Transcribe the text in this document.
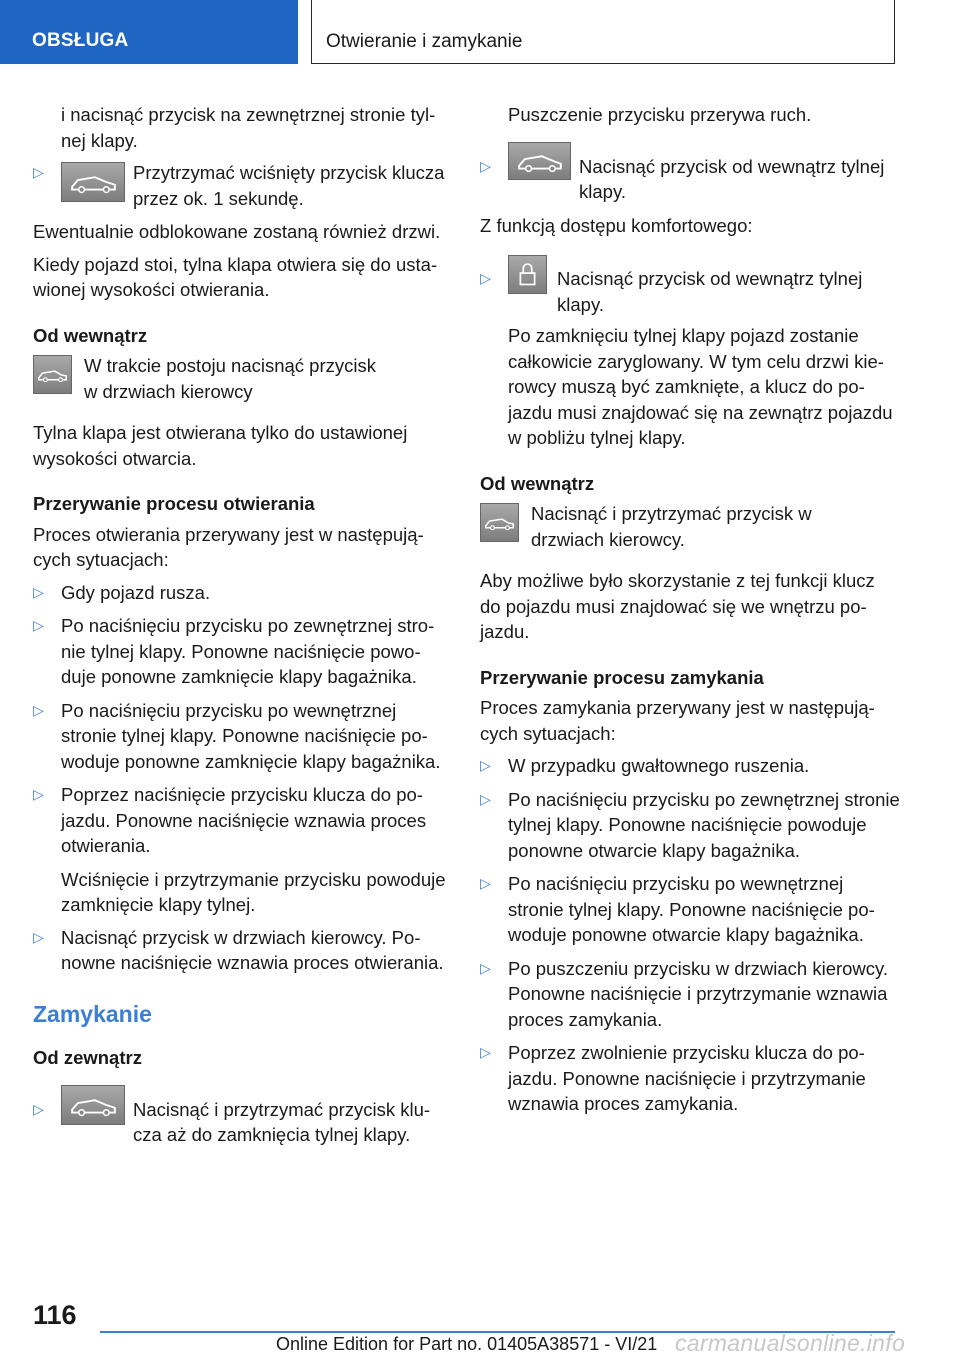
OBSŁUGA	Otwieranie i zamykanie

i nacisnąć przycisk na zewnętrznej stronie tylnej klapy.

▷	Przytrzymać wciśnięty przycisk klucza przez ok. 1 sekundę.

Ewentualnie odblokowane zostaną również drzwi.

Kiedy pojazd stoi, tylna klapa otwiera się do ustawionej wysokości otwierania.

Od wewnątrz
W trakcie postoju nacisnąć przycisk w drzwiach kierowcy

Tylna klapa jest otwierana tylko do ustawionej wysokości otwarcia.

Przerywanie procesu otwierania

Proces otwierania przerywany jest w następujących sytuacjach:

▷ Gdy pojazd rusza.
▷ Po naciśnięciu przycisku po zewnętrznej stronie tylnej klapy. Ponowne naciśnięcie powoduje ponowne zamknięcie klapy bagażnika.
▷ Po naciśnięciu przycisku po wewnętrznej stronie tylnej klapy. Ponowne naciśnięcie powoduje ponowne zamknięcie klapy bagażnika.
▷ Poprzez naciśnięcie przycisku klucza do pojazdu. Ponowne naciśnięcie wznawia proces otwierania.

Wciśnięcie i przytrzymanie przycisku powoduje zamknięcie klapy tylnej.

▷ Nacisnąć przycisk w drzwiach kierowcy. Ponowne naciśnięcie wznawia proces otwierania.
Zamykanie
Od zewnątrz
▷	Nacisnąć i przytrzymać przycisk klucza aż do zamknięcia tylnej klapy.

Puszczenie przycisku przerywa ruch.

▷	Nacisnąć przycisk od wewnątrz tylnej klapy.

Z funkcją dostępu komfortowego:

▷	Nacisnąć przycisk od wewnątrz tylnej klapy.

Po zamknięciu tylnej klapy pojazd zostanie całkowicie zaryglowany. W tym celu drzwi kierowcy muszą być zamknięte, a klucz do pojazdu musi znajdować się na zewnątrz pojazdu w pobliżu tylnej klapy.

Od wewnątrz
Nacisnąć i przytrzymać przycisk w drzwiach kierowcy.

Aby możliwe było skorzystanie z tej funkcji klucz do pojazdu musi znajdować się we wnętrzu pojazdu.

Przerywanie procesu zamykania

Proces zamykania przerywany jest w następujących sytuacjach:

▷ W przypadku gwałtownego ruszenia.
▷ Po naciśnięciu przycisku po zewnętrznej stronie tylnej klapy. Ponowne naciśnięcie powoduje ponowne otwarcie klapy bagażnika.
▷ Po naciśnięciu przycisku po wewnętrznej stronie tylnej klapy. Ponowne naciśnięcie powoduje ponowne otwarcie klapy bagażnika.
▷ Po puszczeniu przycisku w drzwiach kierowcy. Ponowne naciśnięcie i przytrzymanie wznawia proces zamykania.
▷ Poprzez zwolnienie przycisku klucza do pojazdu. Ponowne naciśnięcie i przytrzymanie wznawia proces zamykania.
116
Online Edition for Part no. 01405A38571 - VI/21 carmanualsonline.info
